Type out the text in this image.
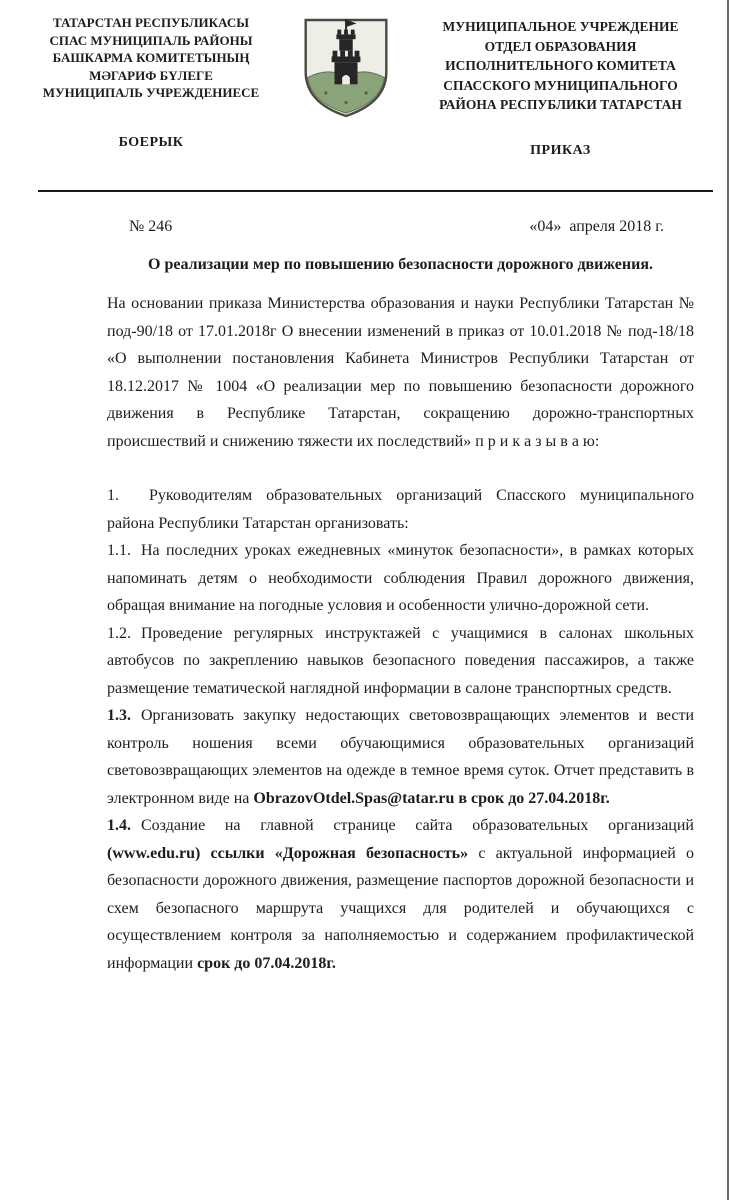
ТАТАРСТАН РЕСПУБЛИКАСЫ
СПАС МУНИЦИПАЛЬ РАЙОНЫ
БАШКАРМА КОМИТЕТЫНЫҢ
МӘГАРИФ БҮЛЕГЕ
МУНИЦИПАЛЬ УЧРЕЖДЕНИЕСЕ
БОЕРЫК
МУНИЦИПАЛЬНОЕ УЧРЕЖДЕНИЕ
ОТДЕЛ ОБРАЗОВАНИЯ
ИСПОЛНИТЕЛЬНОГО КОМИТЕТА
СПАССКОГО МУНИЦИПАЛЬНОГО
РАЙОНА РЕСПУБЛИКИ ТАТАРСТАН
ПРИКАЗ
№ 246	«04»  апреля 2018 г.
О реализации мер по повышению безопасности дорожного движения.

На основании приказа Министерства образования и науки Республики Татарстан № под-90/18 от 17.01.2018г О внесении изменений в приказ от 10.01.2018 № под-18/18 «О выполнении постановления Кабинета Министров Республики Татарстан от 18.12.2017 № 1004 «О реализации мер по повышению безопасности дорожного движения в Республике Татарстан, сокращению дорожно-транспортных происшествий и снижению тяжести их последствий» п р и к а з ы в а ю:

1. Руководителям образовательных организаций Спасского муниципального района Республики Татарстан организовать:

1.1. На последних уроках ежедневных «минуток безопасности», в рамках которых напоминать детям о необходимости соблюдения Правил дорожного движения, обращая внимание на погодные условия и особенности улично-дорожной сети.

1.2. Проведение регулярных инструктажей с учащимися в салонах школьных автобусов по закреплению навыков безопасного поведения пассажиров, а также размещение тематической наглядной информации в салоне транспортных средств.

1.3. Организовать закупку недостающих световозвращающих элементов и вести контроль ношения всеми обучающимися образовательных организаций световозвращающих элементов на одежде в темное время суток. Отчет представить в электронном виде на ObrazovOtdel.Spas@tatar.ru в срок до 27.04.2018г.

1.4. Создание на главной странице сайта образовательных организаций (www.edu.ru) ссылки «Дорожная безопасность» с актуальной информацией о безопасности дорожного движения, размещение паспортов дорожной безопасности и схем безопасного маршрута учащихся для родителей и обучающихся с осуществлением контроля за наполняемостью и содержанием профилактической информации срок до 07.04.2018г.
